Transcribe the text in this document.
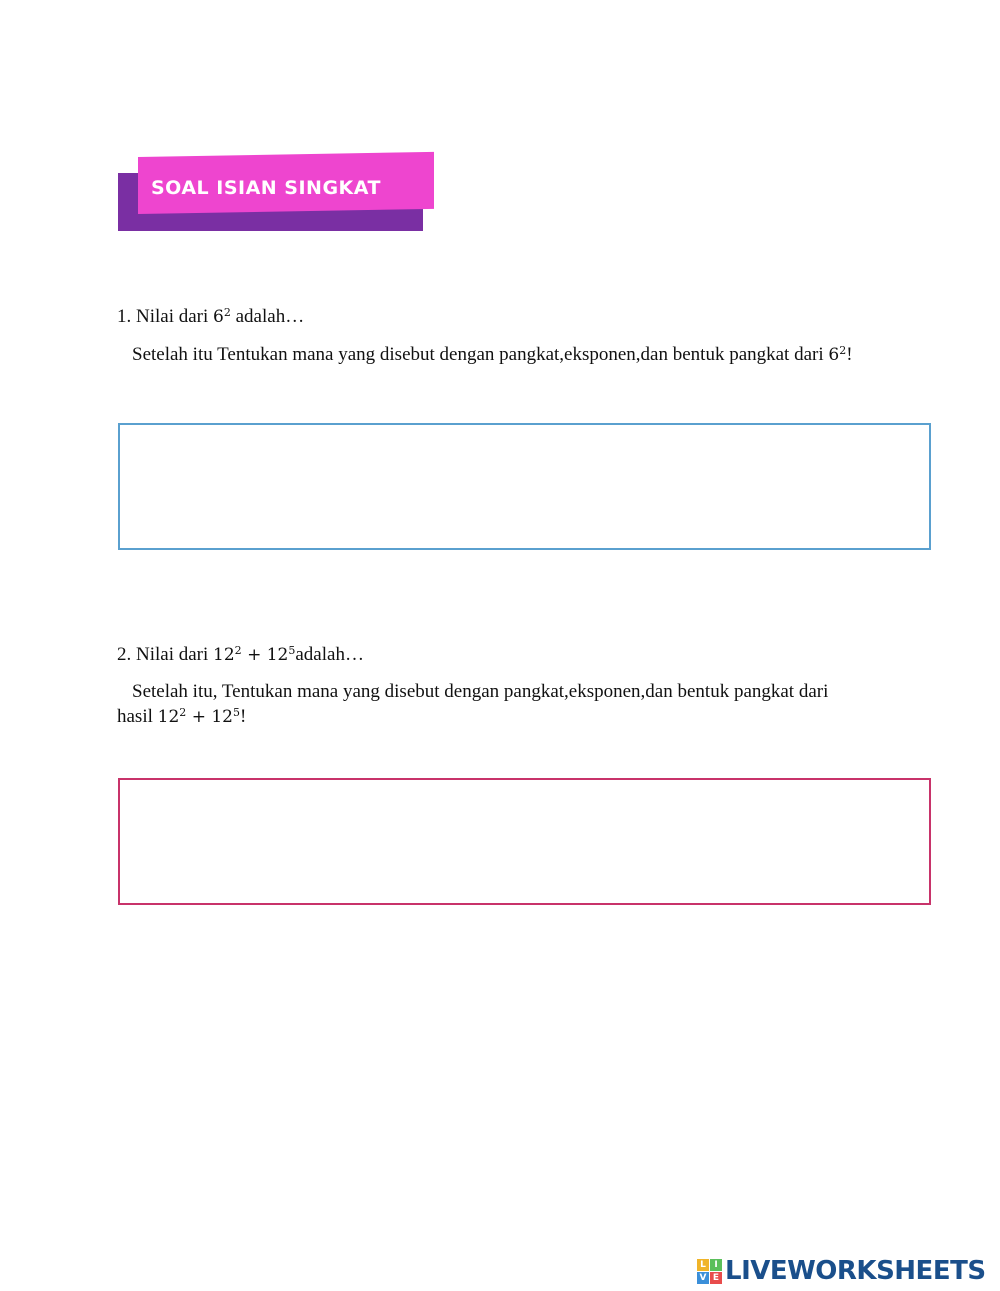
SOAL ISIAN SINGKAT
1. Nilai dari $6^2$ adalah…
Setelah itu Tentukan mana yang disebut dengan pangkat,eksponen,dan bentuk pangkat dari $6^2$!
2. Nilai dari $12^2$ + $12^5adalah\dots$
Setelah itu, Tentukan mana yang disebut dengan pangkat,eksponen,dan bentuk pangkat dari
hasil $12^2 + 12^5$!
L I
V E LIVEWORKSHEETS
